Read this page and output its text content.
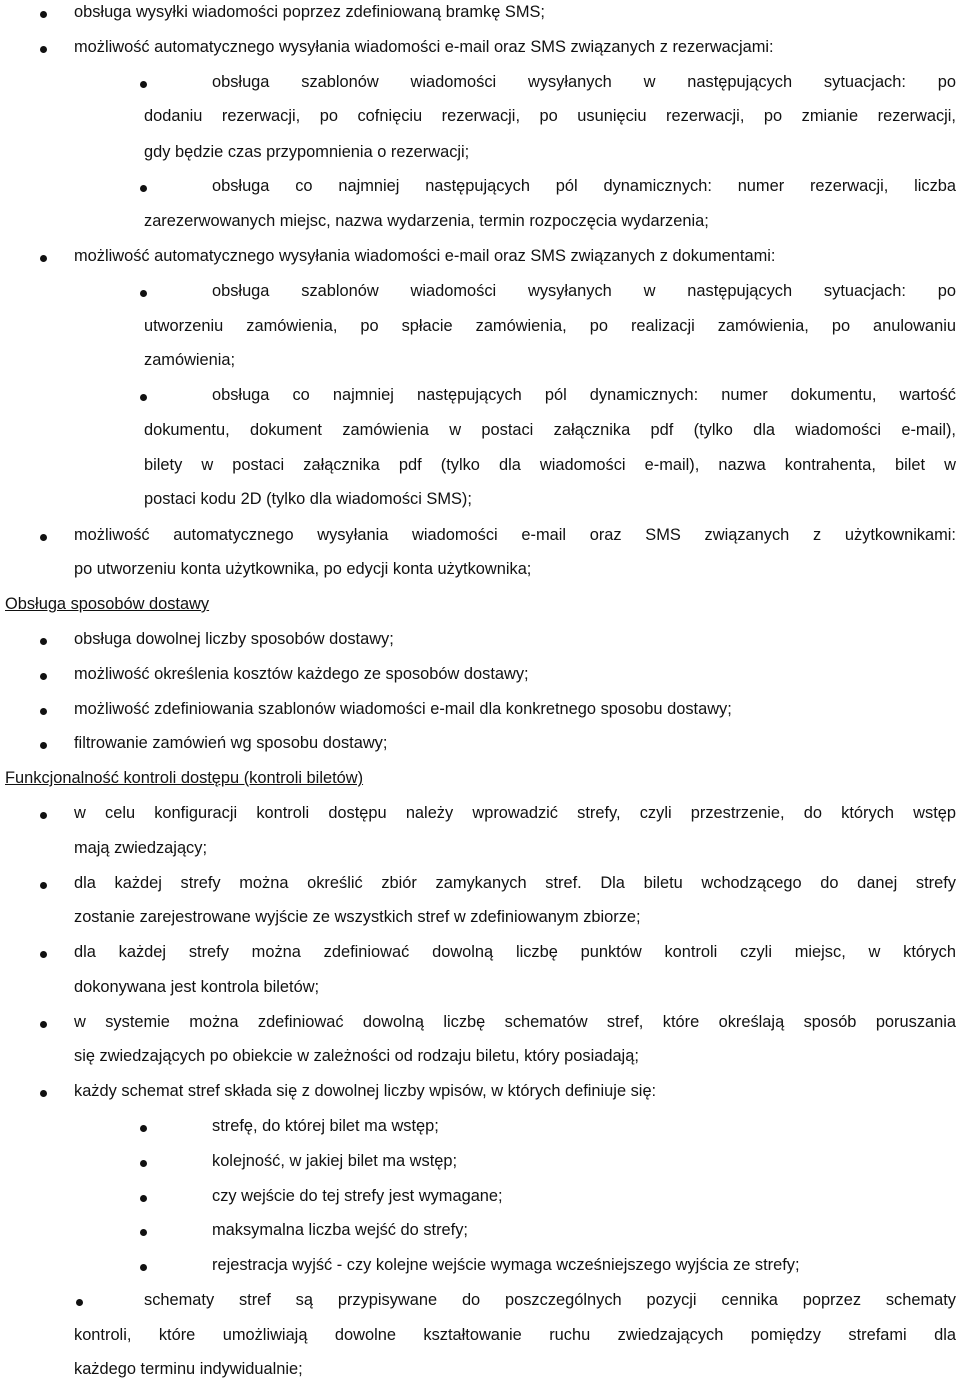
obsługa wysyłki wiadomości poprzez zdefiniowaną bramkę SMS;
możliwość automatycznego wysyłania wiadomości e-mail oraz SMS związanych z rezerwacjami:
obsługa szablonów wiadomości wysyłanych w następujących sytuacjach: po
dodaniu rezerwacji, po cofnięciu rezerwacji, po usunięciu rezerwacji, po zmianie rezerwacji,
gdy będzie czas przypomnienia o rezerwacji;
obsługa co najmniej następujących pól dynamicznych: numer rezerwacji, liczba
zarezerwowanych miejsc, nazwa wydarzenia, termin rozpoczęcia wydarzenia;
możliwość automatycznego wysyłania wiadomości e-mail oraz SMS związanych z dokumentami:
obsługa szablonów wiadomości wysyłanych w następujących sytuacjach: po
utworzeniu zamówienia, po spłacie zamówienia, po realizacji zamówienia, po anulowaniu
zamówienia;
obsługa co najmniej następujących pól dynamicznych: numer dokumentu, wartość
dokumentu, dokument zamówienia w postaci załącznika pdf (tylko dla wiadomości e-mail),
bilety w postaci załącznika pdf (tylko dla wiadomości e-mail), nazwa kontrahenta, bilet w
postaci kodu 2D (tylko dla wiadomości SMS);
możliwość automatycznego wysyłania wiadomości e-mail oraz SMS związanych z użytkownikami:
po utworzeniu konta użytkownika, po edycji konta użytkownika;
Obsługa sposobów dostawy
obsługa dowolnej liczby sposobów dostawy;
możliwość określenia kosztów każdego ze sposobów dostawy;
możliwość zdefiniowania szablonów wiadomości e-mail dla konkretnego sposobu dostawy;
filtrowanie zamówień wg sposobu dostawy;
Funkcjonalność kontroli dostępu (kontroli biletów)
w celu konfiguracji kontroli dostępu należy wprowadzić strefy, czyli przestrzenie, do których wstęp
mają zwiedzający;
dla każdej strefy można określić zbiór zamykanych stref. Dla biletu wchodzącego do danej strefy
zostanie zarejestrowane wyjście ze wszystkich stref w zdefiniowanym zbiorze;
dla każdej strefy można zdefiniować dowolną liczbę punktów kontroli czyli miejsc, w których
dokonywana jest kontrola biletów;
w systemie można zdefiniować dowolną liczbę schematów stref, które określają sposób poruszania
się zwiedzających po obiekcie w zależności od rodzaju biletu, który posiadają;
każdy schemat stref składa się z dowolnej liczby wpisów, w których definiuje się:
strefę, do której bilet ma wstęp;
kolejność, w jakiej bilet ma wstęp;
czy wejście do tej strefy jest wymagane;
maksymalna liczba wejść do strefy;
rejestracja wyjść - czy kolejne wejście wymaga wcześniejszego wyjścia ze strefy;
schematy stref są przypisywane do poszczególnych pozycji cennika poprzez schematy
kontroli, które umożliwiają dowolne kształtowanie ruchu zwiedzających pomiędzy strefami dla
każdego terminu indywidualnie;
